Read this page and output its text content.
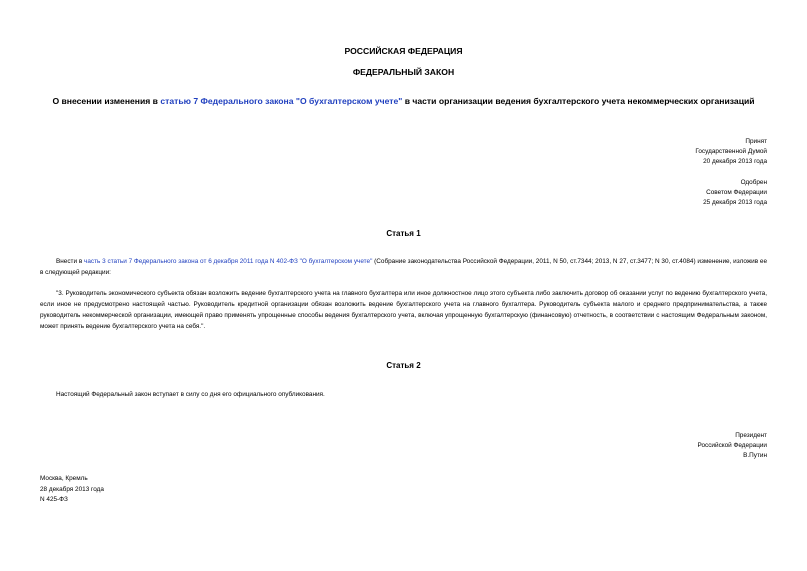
РОССИЙСКАЯ ФЕДЕРАЦИЯ
ФЕДЕРАЛЬНЫЙ ЗАКОН
О внесении изменения в статью 7 Федерального закона "О бухгалтерском учете" в части организации ведения бухгалтерского учета некоммерческих организаций
Принят
Государственной Думой
20 декабря 2013 года
Одобрен
Советом Федерации
25 декабря 2013 года
Статья 1
Внести в часть 3 статьи 7 Федерального закона от 6 декабря 2011 года N 402-ФЗ "О бухгалтерском учете" (Собрание законодательства Российской Федерации, 2011, N 50, ст.7344; 2013, N 27, ст.3477; N 30, ст.4084) изменение, изложив ее в следующей редакции:
"3. Руководитель экономического субъекта обязан возложить ведение бухгалтерского учета на главного бухгалтера или иное должностное лицо этого субъекта либо заключить договор об оказании услуг по ведению бухгалтерского учета, если иное не предусмотрено настоящей частью. Руководитель кредитной организации обязан возложить ведение бухгалтерского учета на главного бухгалтера. Руководитель субъекта малого и среднего предпринимательства, а также руководитель некоммерческой организации, имеющей право применять упрощенные способы ведения бухгалтерского учета, включая упрощенную бухгалтерскую (финансовую) отчетность, в соответствии с настоящим Федеральным законом, может принять ведение бухгалтерского учета на себя.".
Статья 2
Настоящий Федеральный закон вступает в силу со дня его официального опубликования.
Президент
Российской Федерации
В.Путин
Москва, Кремль
28 декабря 2013 года
N 425-ФЗ
